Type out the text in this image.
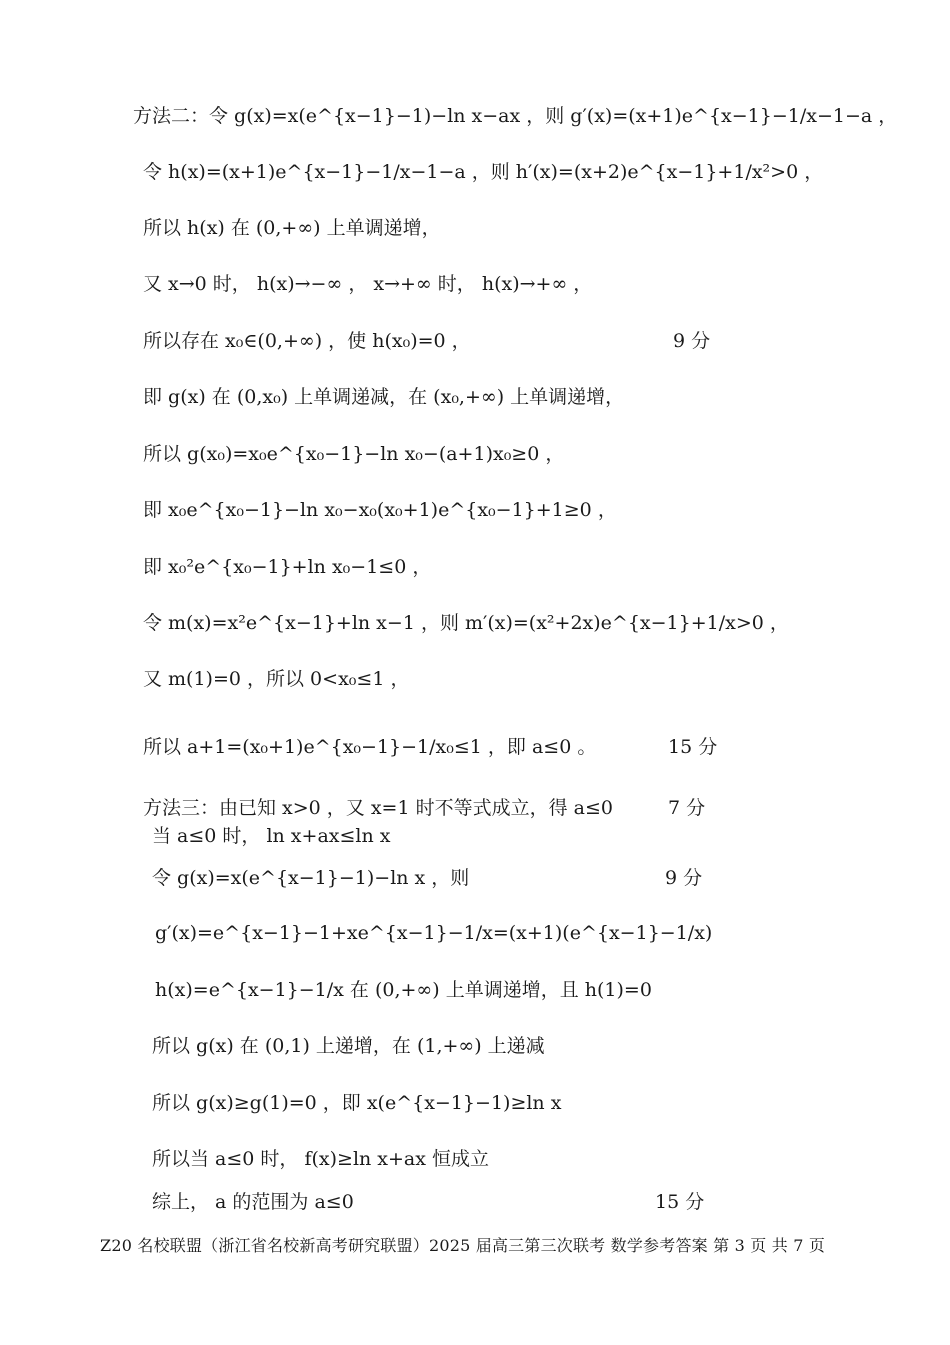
方法二：令 g(x)=x(e^{x−1}−1)−ln x−ax ，则 g′(x)=(x+1)e^{x−1}−1/x−1−a ，
令 h(x)=(x+1)e^{x−1}−1/x−1−a ，则 h′(x)=(x+2)e^{x−1}+1/x²>0 ，
所以 h(x) 在 (0,+∞) 上单调递增，
又 x→0 时， h(x)→−∞ ， x→+∞ 时， h(x)→+∞ ，
所以存在 x₀∈(0,+∞) ，使 h(x₀)=0 ，	9 分
即 g(x) 在 (0,x₀) 上单调递减，在 (x₀,+∞) 上单调递增，
所以 g(x₀)=x₀e^{x₀−1}−ln x₀−(a+1)x₀≥0 ，
即 x₀e^{x₀−1}−ln x₀−x₀(x₀+1)e^{x₀−1}+1≥0 ，
即 x₀²e^{x₀−1}+ln x₀−1≤0 ，
令 m(x)=x²e^{x−1}+ln x−1 ，则 m′(x)=(x²+2x)e^{x−1}+1/x>0 ，
又 m(1)=0 ，所以 0<x₀≤1 ，
所以 a+1=(x₀+1)e^{x₀−1}−1/x₀≤1 ，即 a≤0 。	15 分
方法三：由已知 x>0 ，又 x=1 时不等式成立，得 a≤0	7 分
当 a≤0 时， ln x+ax≤ln x
令 g(x)=x(e^{x−1}−1)−ln x ，则	9 分
g′(x)=e^{x−1}−1+xe^{x−1}−1/x=(x+1)(e^{x−1}−1/x)
h(x)=e^{x−1}−1/x 在 (0,+∞) 上单调递增，且 h(1)=0
所以 g(x) 在 (0,1) 上递增，在 (1,+∞) 上递减
所以 g(x)≥g(1)=0 ，即 x(e^{x−1}−1)≥ln x
所以当 a≤0 时， f(x)≥ln x+ax 恒成立
综上， a 的范围为 a≤0	15 分
Z20 名校联盟（浙江省名校新高考研究联盟）2025 届高三第三次联考 数学参考答案 第 3 页 共 7 页
